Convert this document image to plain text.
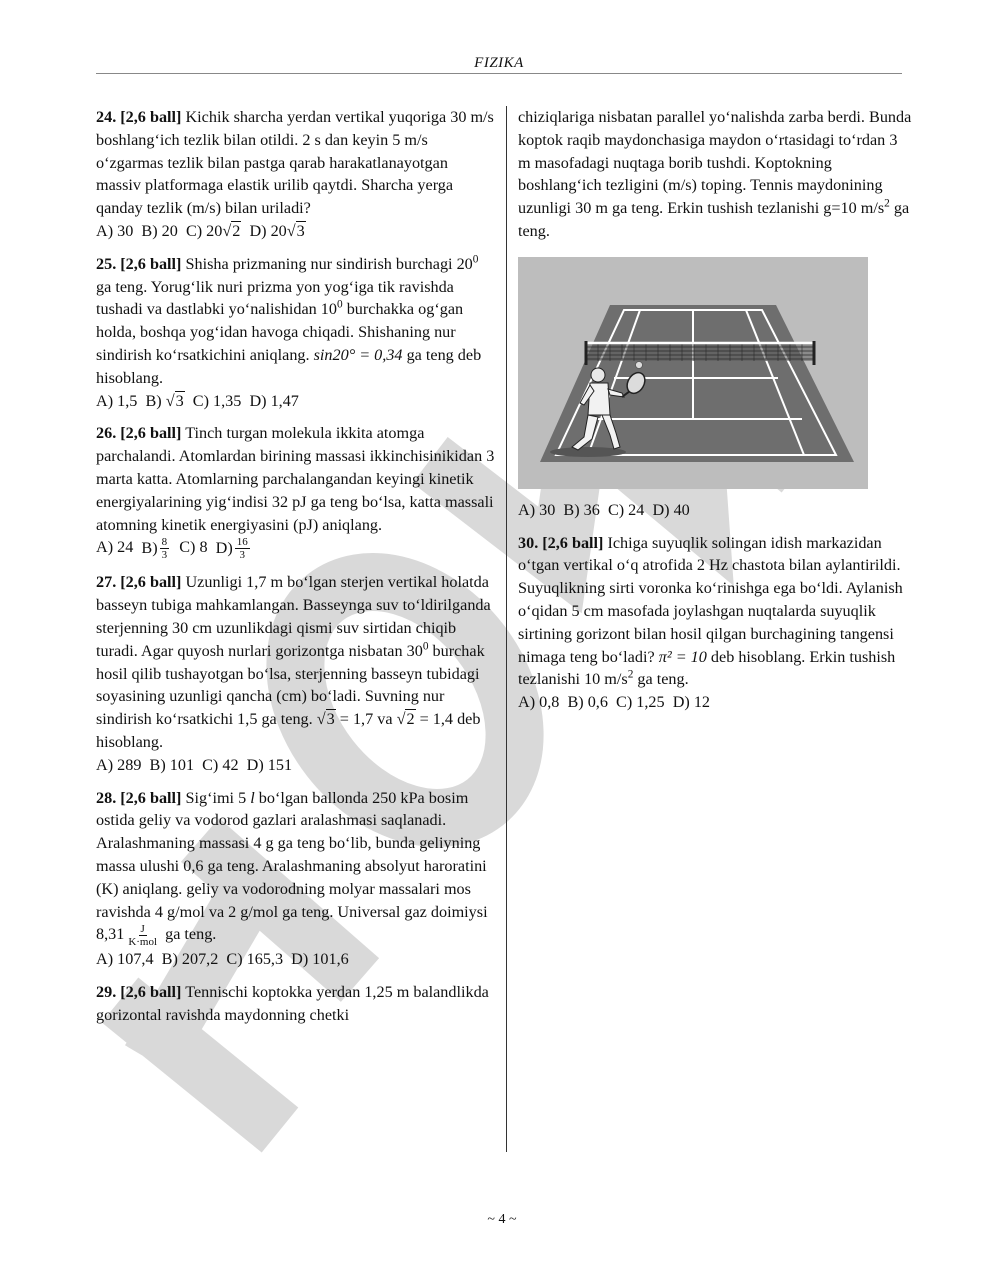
FIZIKA

24. [2,6 ball] Kichik sharcha yerdan vertikal yuqoriga 30 m/s boshlang‘ich tezlik bilan otildi. 2 s dan keyin 5 m/s o‘zgarmas tezlik bilan pastga qarab harakatlanayotgan massiv platformaga elastik urilib qaytdi. Sharcha yerga qanday tezlik (m/s) bilan uriladi?

A) 30 B) 20 C) 20√2 D) 20√3

25. [2,6 ball] Shisha prizmaning nur sindirish burchagi $20^0$ ga teng. Yorug‘lik nuri prizma yon yog‘iga tik ravishda tushadi va dastlabki yo‘nalishidan $10^0$ burchakka og‘gan holda, boshqa yog‘idan havoga chiqadi. Shishaning nur sindirish ko‘rsatkichini aniqlang. sin20° = 0,34 ga teng deb hisoblang.

A) 1,5 B) √3 C) 1,35 D) 1,47

26. [2,6 ball] Tinch turgan molekula ikkita atomga parchalandi. Atomlardan birining massasi ikkinchisinikidan 3 marta katta. Atomlarning parchalangandan keyingi kinetik energiyalarining yig‘indisi 32 pJ ga teng bo‘lsa, katta massali atomning kinetik energiyasini (pJ) aniqlang.

A) 24 $B) \frac{8}{3} C$) 8 $D) \frac{16}{3}$

27. [2,6 ball] Uzunligi 1,7 m bo‘lgan sterjen vertikal holatda basseyn tubiga mahkamlangan. Basseynga suv to‘ldirilganda sterjenning 30 cm uzunlikdagi qismi suv sirtidan chiqib turadi. Agar quyosh nurlari gorizontga nisbatan $30^0$ burchak hosil qilib tushayotgan bo‘lsa, sterjenning basseyn tubidagi soyasining uzunligi qancha (cm) bo‘ladi. Suvning nur sindirish ko‘rsatkichi 1,5 ga teng. √3 = 1,7 va √2 = 1,4 deb hisoblang.

A) 289 B) 101 C) 42 D) 151

28. [2,6 ball] Sig‘imi 5 l bo‘lgan ballonda 250 kPa bosim ostida geliy va vodorod gazlari aralashmasi saqlanadi. Aralashmaning massasi 4 g ga teng bo‘lib, bunda geliyning massa ulushi 0,6 ga teng. Aralashmaning absolyut haroratini (K) aniqlang. geliy va vodorodning molyar massalari mos ravishda 4 g/mol va 2 g/mol ga teng. Universal gaz doimiysi
$8,31 \frac{J}{\text{K·mol}}$ ga teng.

A) 107,4 B) 207,2 C) 165,3 D) 101,6

29. [2,6 ball] Tennischi koptokka yerdan 1,25 m balandlikda gorizontal ravishda maydonning chetki

chiziqlariga nisbatan parallel yo‘nalishda zarba berdi. Bunda koptok raqib maydonchasiga maydon o‘rtasidagi to‘rdan 3 m masofadagi nuqtaga borib tushdi. Koptokning boshlang‘ich tezligini (m/s) toping. Tennis maydonining uzunligi 30 m ga teng. Erkin tushish tezlanishi g=10 $m/s^2$ ga teng.

A) 30 B) 36 C) 24 D) 40

30. [2,6 ball] Ichiga suyuqlik solingan idish markazidan o‘tgan vertikal o‘q atrofida 2 Hz chastota bilan aylantirildi. Suyuqlikning sirti voronka ko‘rinishga ega bo‘ldi. Aylanish o‘qidan 5 cm masofada joylashgan nuqtalarda suyuqlik sirtining gorizont bilan hosil qilgan burchagining tangensi nimaga teng bo‘ladi? π² = 10 deb hisoblang. Erkin tushish tezlanishi 10 $m/s^2$ ga teng.

A) 0,8 B) 0,6 C) 1,25 D) 12

~ 4 ~
